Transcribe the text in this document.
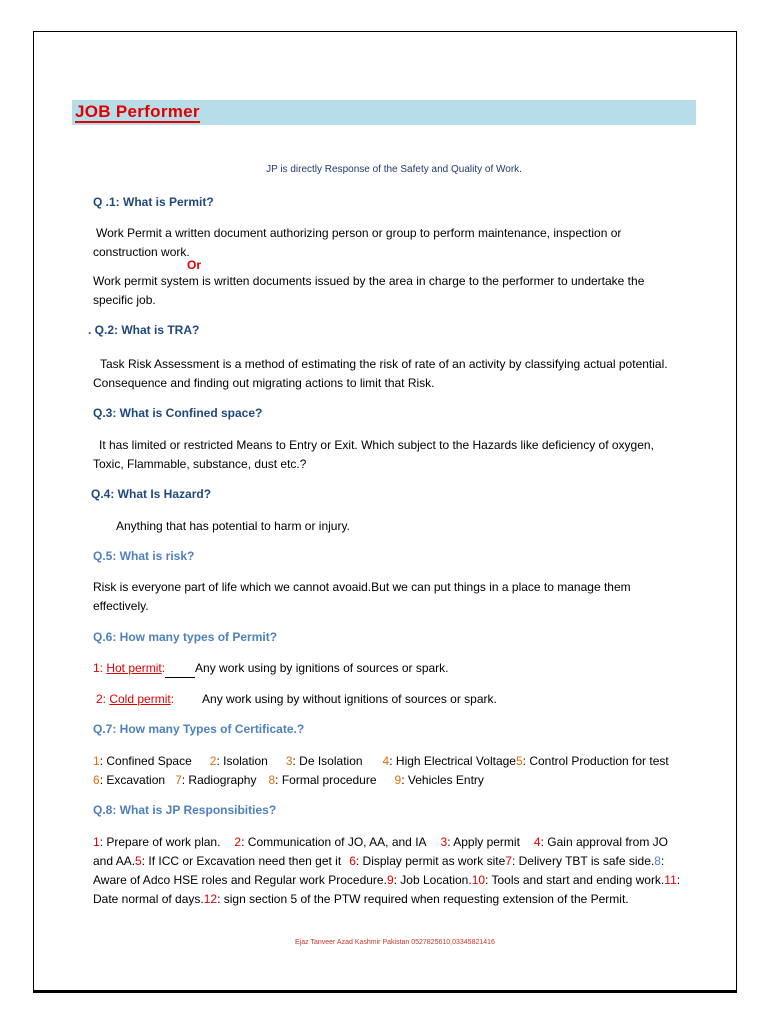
JOB Performer
JP is directly Response of the Safety and Quality of Work.
Q .1: What is Permit?
Work Permit a written document authorizing person or group to perform maintenance, inspection or construction work.
Or
Work permit system is written documents issued by the area in charge to the performer to undertake the specific job.
. Q.2: What is TRA?
Task Risk Assessment is a method of estimating the risk of rate of an activity by classifying actual potential. Consequence and finding out migrating actions to limit that Risk.
Q.3: What is Confined space?
It has limited or restricted Means to Entry or Exit. Which subject to the Hazards like deficiency of oxygen, Toxic, Flammable, substance, dust etc.?
Q.4: What Is Hazard?
Anything that has potential to harm or injury.
Q.5: What is risk?
Risk is everyone part of life which we cannot avoaid.But we can put things in a place to manage them effectively.
Q.6: How many types of Permit?
1: Hot permit:	Any work using by ignitions of sources or spark.
2: Cold permit: Any work using by without ignitions of sources or spark.
Q.7: How many Types of Certificate.?
1: Confined Space 2: Isolation 3: De Isolation 4: High Electrical Voltage5: Control Production for test6: Excavation 7: Radiography 8: Formal procedure 9: Vehicles Entry
Q.8: What is JP Responsibities?
1: Prepare of work plan. 2: Communication of JO, AA, and IA 3: Apply permit 4: Gain approval from JO and AA.5: If ICC or Excavation need then get it 6: Display permit as work site7: Delivery TBT is safe side.8: Aware of Adco HSE roles and Regular work Procedure.9: Job Location.10: Tools and start and ending work.11: Date normal of days.12: sign section 5 of the PTW required when requesting extension of the Permit.
Ejaz Tanveer Azad Kashmir Pakistan 0527825610,03345821416
